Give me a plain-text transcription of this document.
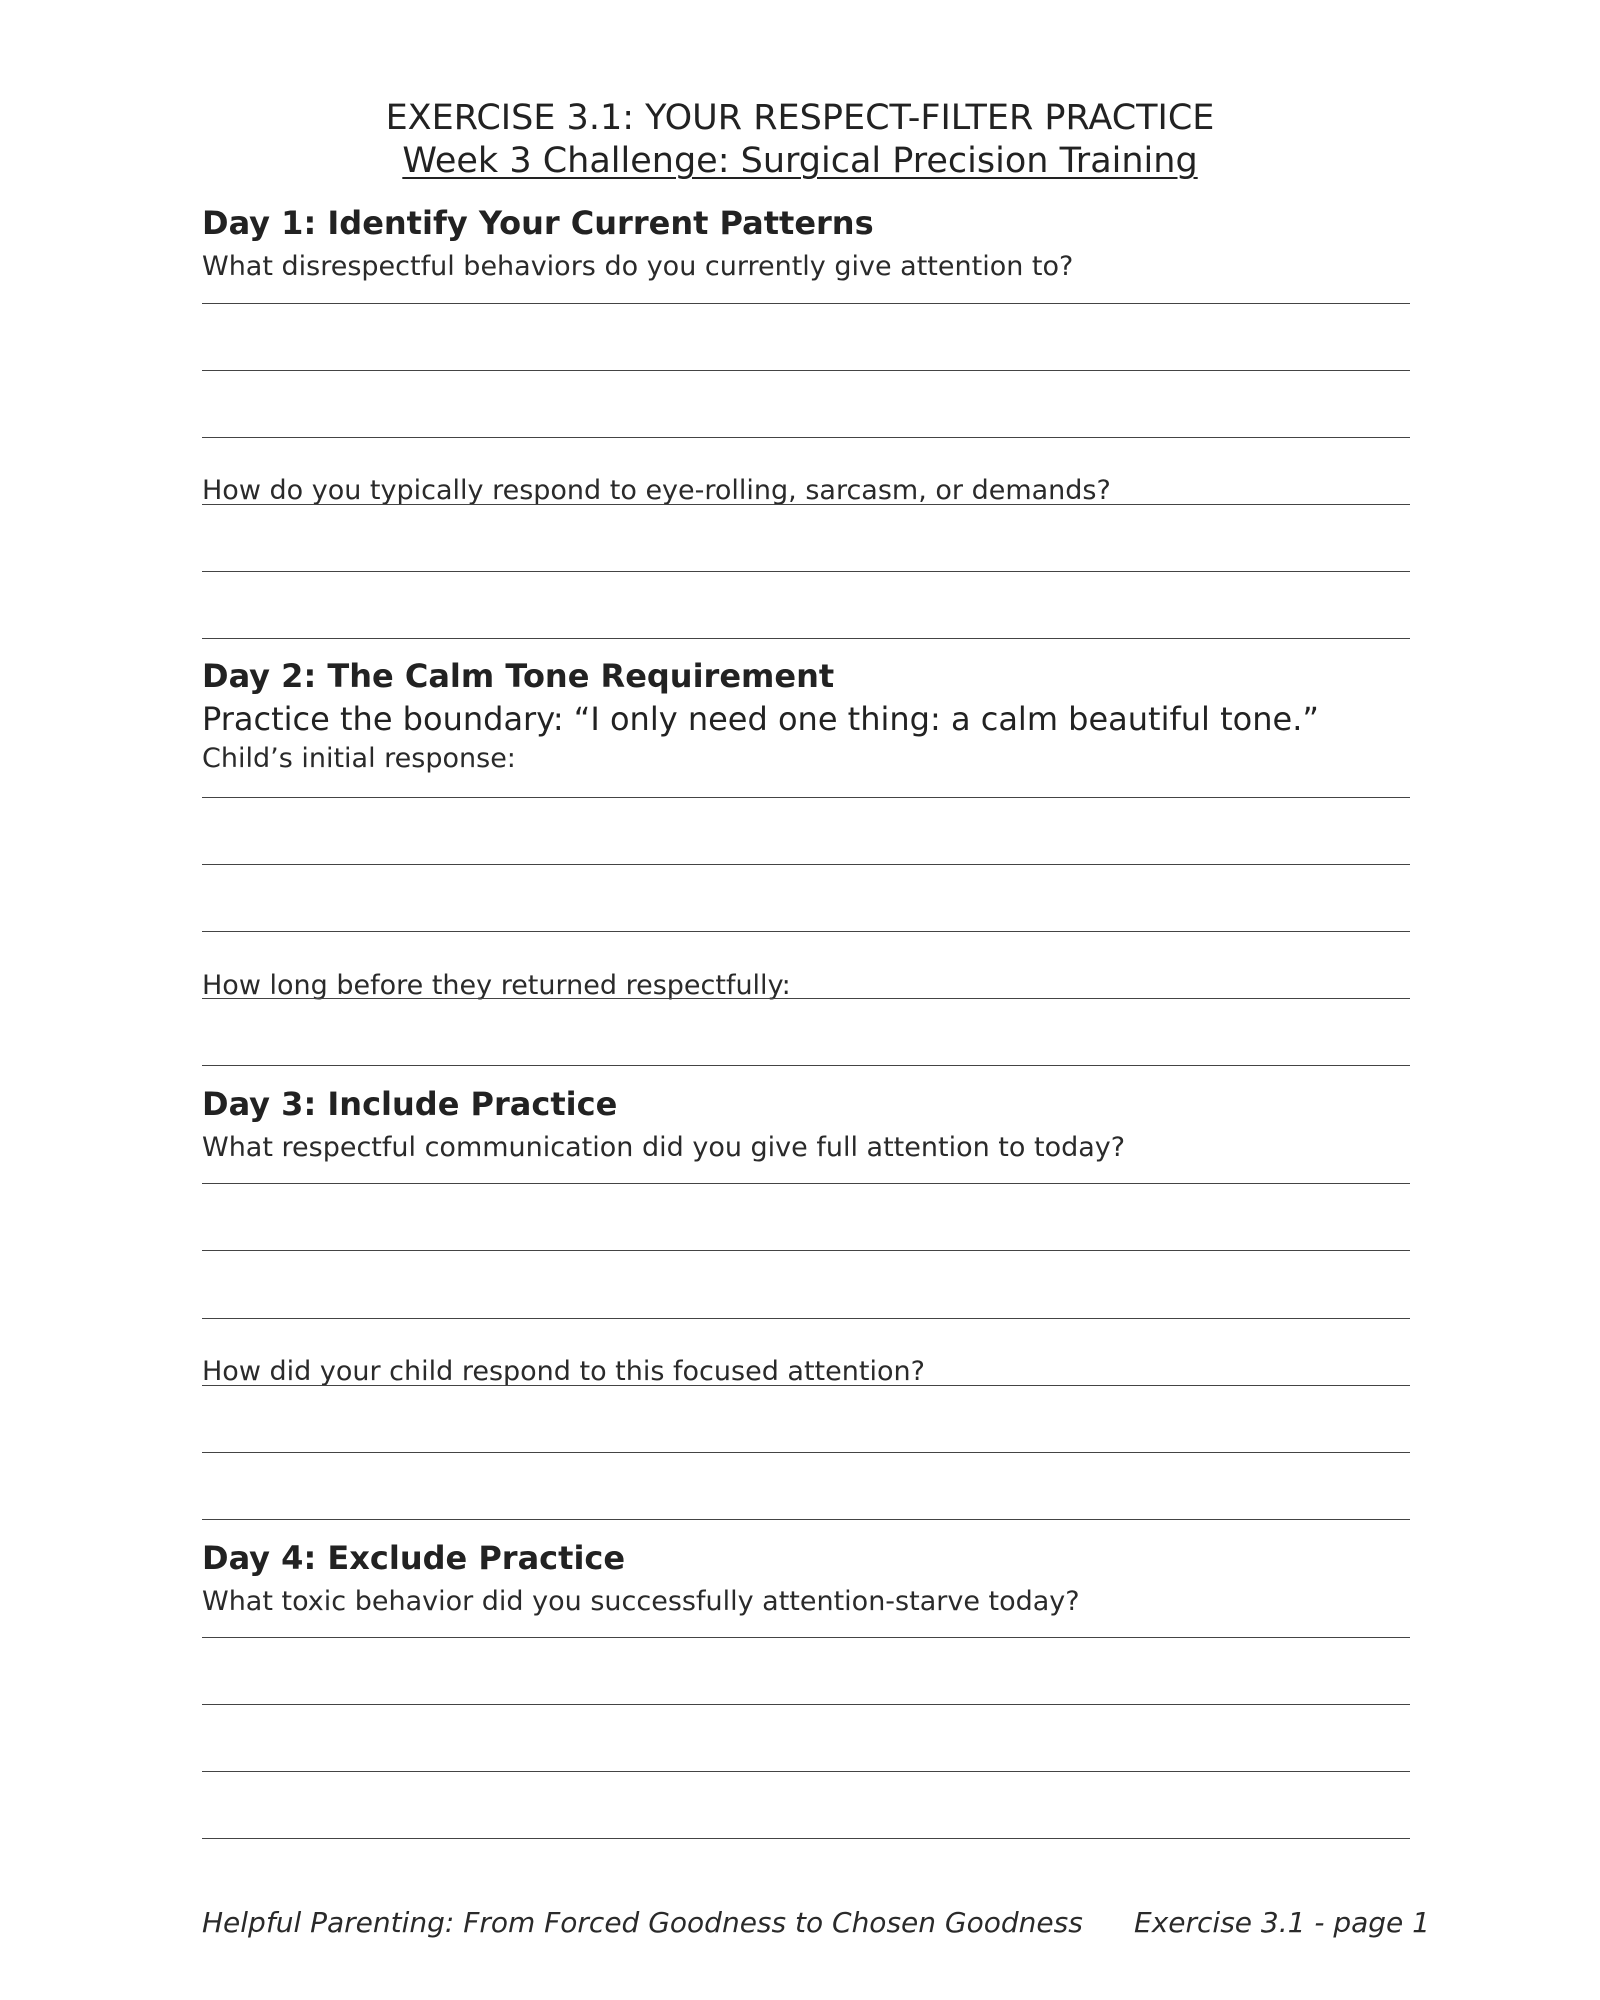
EXERCISE 3.1: YOUR RESPECT-FILTER PRACTICE
Week 3 Challenge: Surgical Precision Training
Day 1: Identify Your Current Patterns
What disrespectful behaviors do you currently give attention to?
How do you typically respond to eye-rolling, sarcasm, or demands?
Day 2: The Calm Tone Requirement
Practice the boundary: “I only need one thing: a calm beautiful tone.”
Child’s initial response:
How long before they returned respectfully:
Day 3: Include Practice
What respectful communication did you give full attention to today?
How did your child respond to this focused attention?
Day 4: Exclude Practice
What toxic behavior did you successfully attention-starve today?
Helpful Parenting: From Forced Goodness to Chosen Goodness Exercise 3.1 - page 1
